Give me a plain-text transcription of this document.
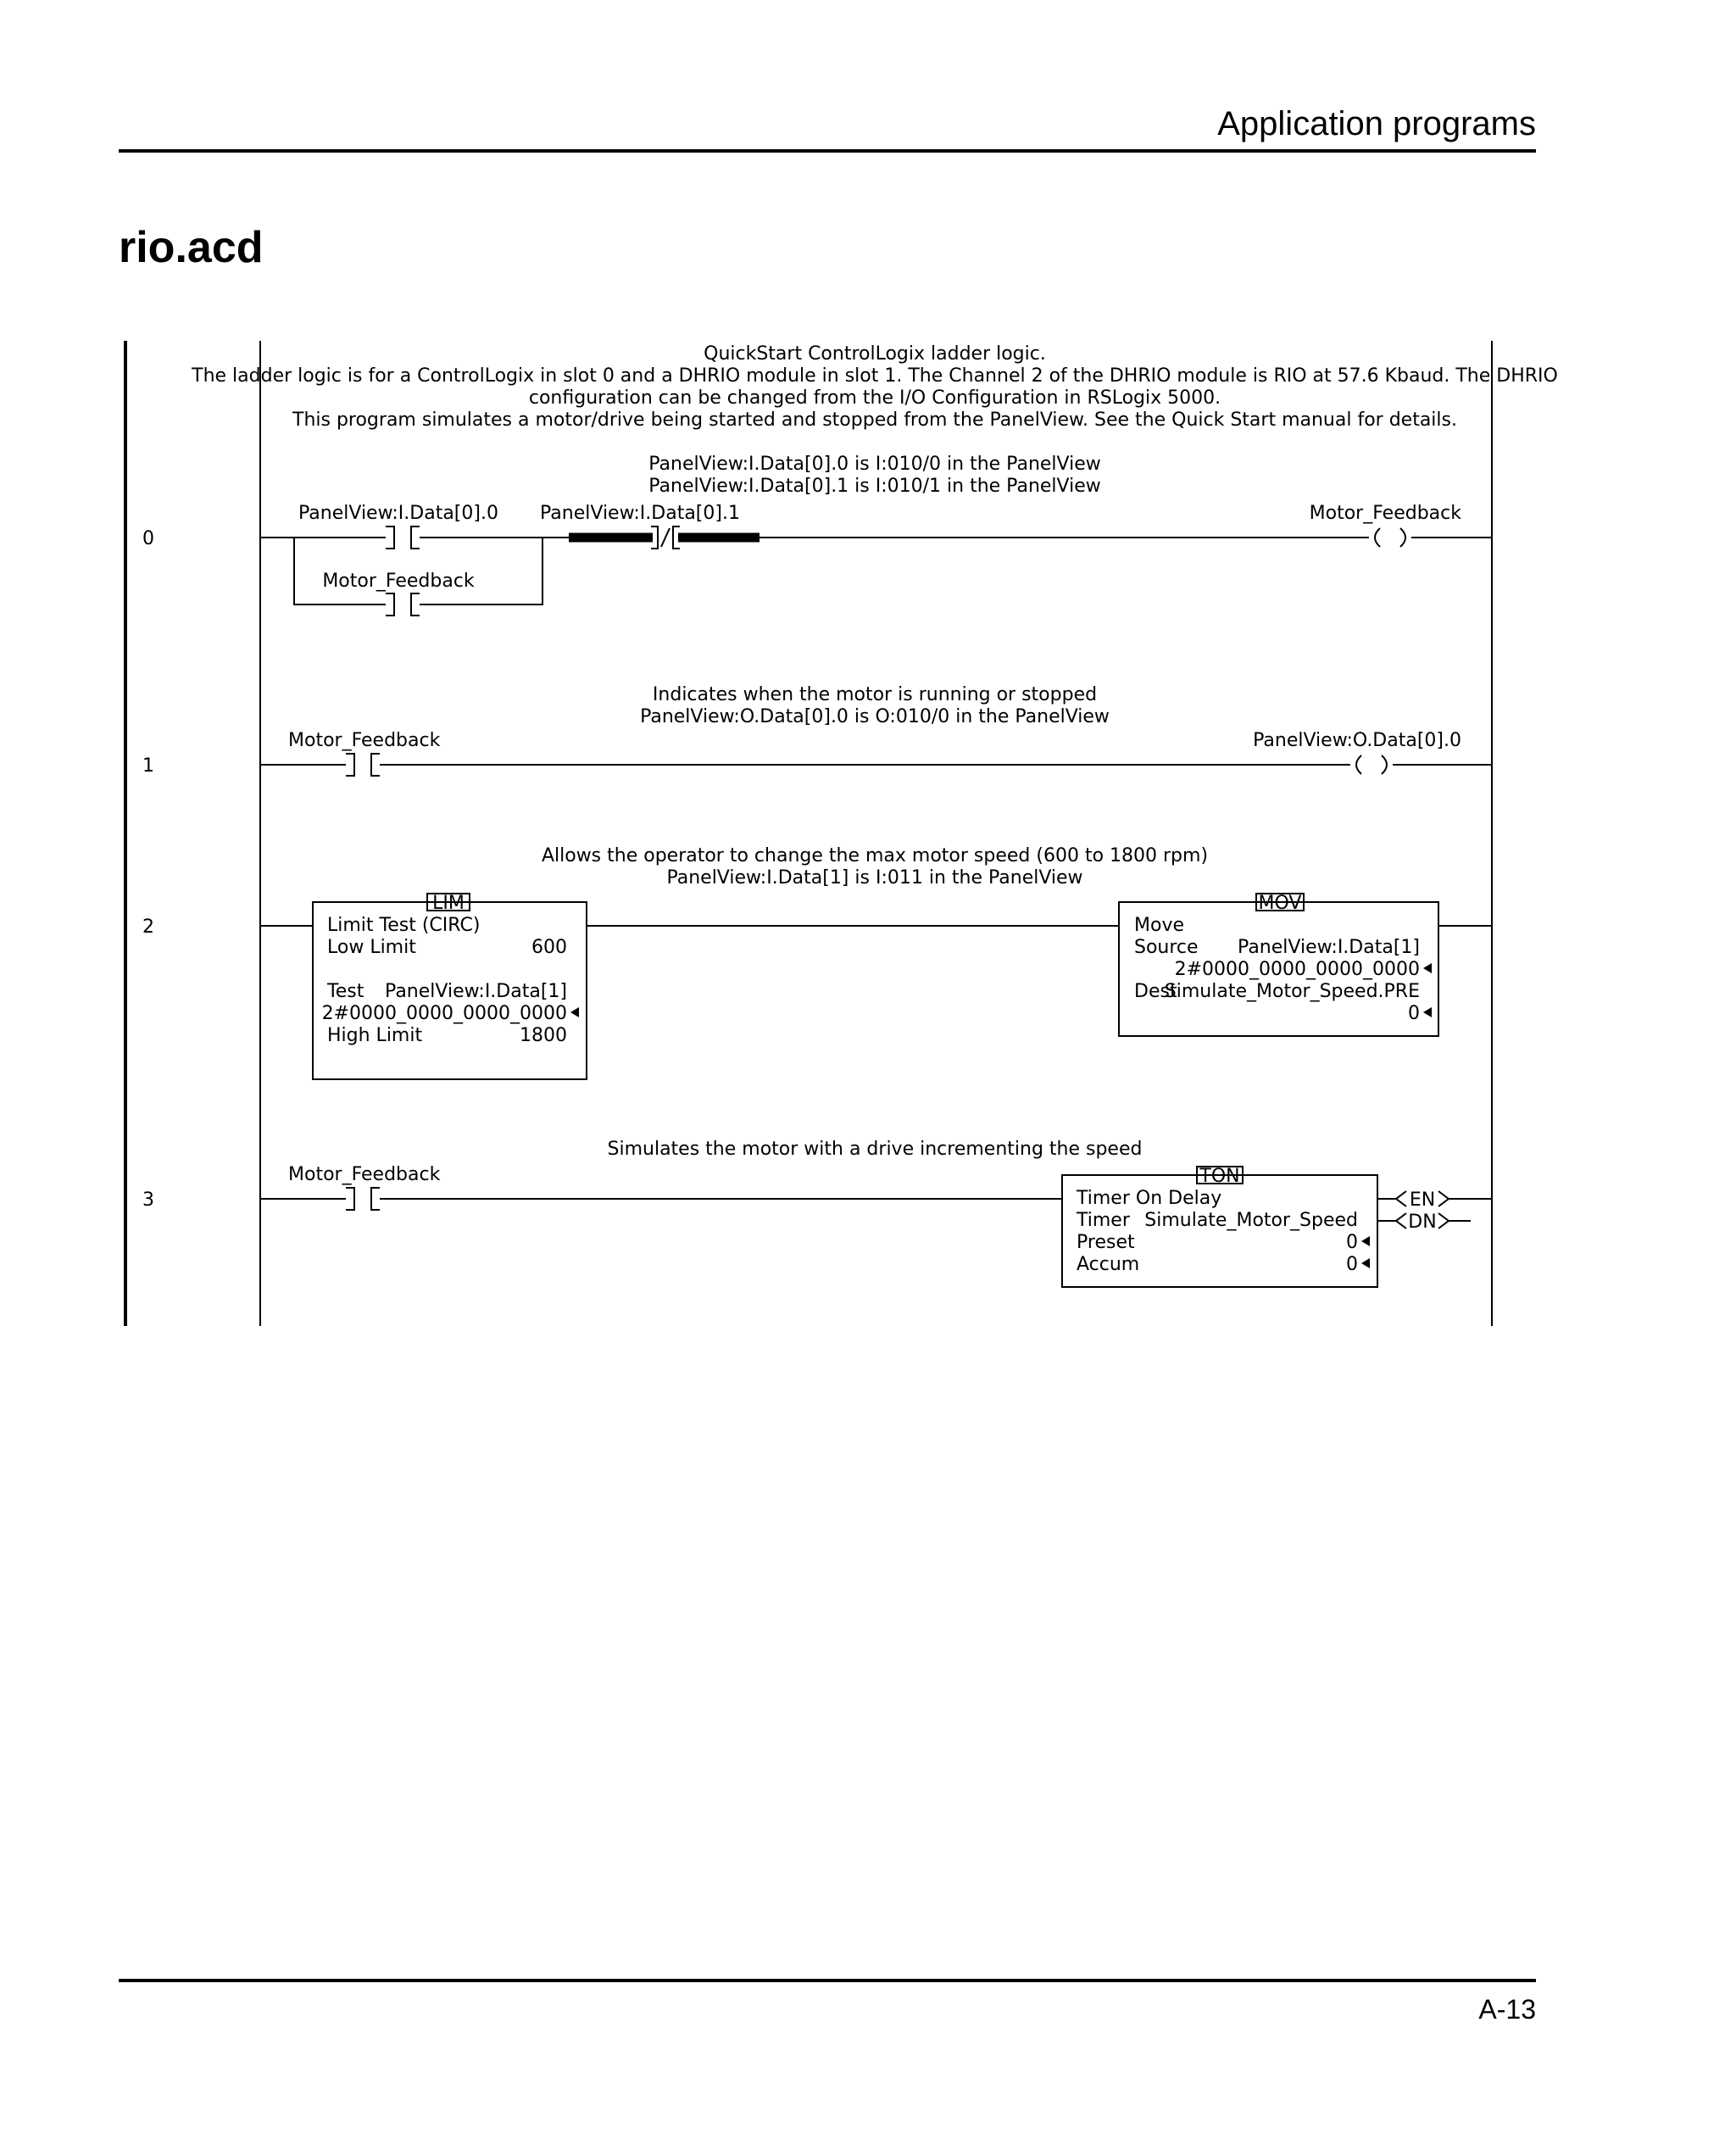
Application programs
rio.acd
QuickStart ControlLogix ladder logic.
The ladder logic is for a ControlLogix in slot 0 and a DHRIO module in slot 1. The Channel 2 of the DHRIO module is RIO at 57.6 Kbaud. The DHRIO
configuration can be changed from the I/O Configuration in RSLogix 5000.
This program simulates a motor/drive being started and stopped from the PanelView. See the Quick Start manual for details.
0
PanelView:I.Data[0].0 is I:010/0 in the PanelView
PanelView:I.Data[0].1 is I:010/1 in the PanelView
PanelView:I.Data[0].0
Motor_Feedback
PanelView:I.Data[0].1	Motor_Feedback
1
Indicates when the motor is running or stopped
PanelView:O.Data[0].0 is O:010/0 in the PanelView
Motor_Feedback	PanelView:O.Data[0].0
2
Allows the operator to change the max motor speed (600 to 1800 rpm)
PanelView:I.Data[1] is I:011 in the PanelView
LIM
Limit Test (CIRC)
Low Limit	600
Test PanelView:I.Data[1]
2#0000_0000_0000_0000
High Limit	1800
MOV
Move
Source PanelView:I.Data[1]
2#0000_0000_0000_0000
Dest
Simulate_Motor_Speed.PRE
0
3
Simulates the motor with a drive incrementing the speed
Motor_Feedback	TON
Timer On Delay
Timer Simulate_Motor_Speed
Preset	0
Accum	0
EN
DN
A-13
